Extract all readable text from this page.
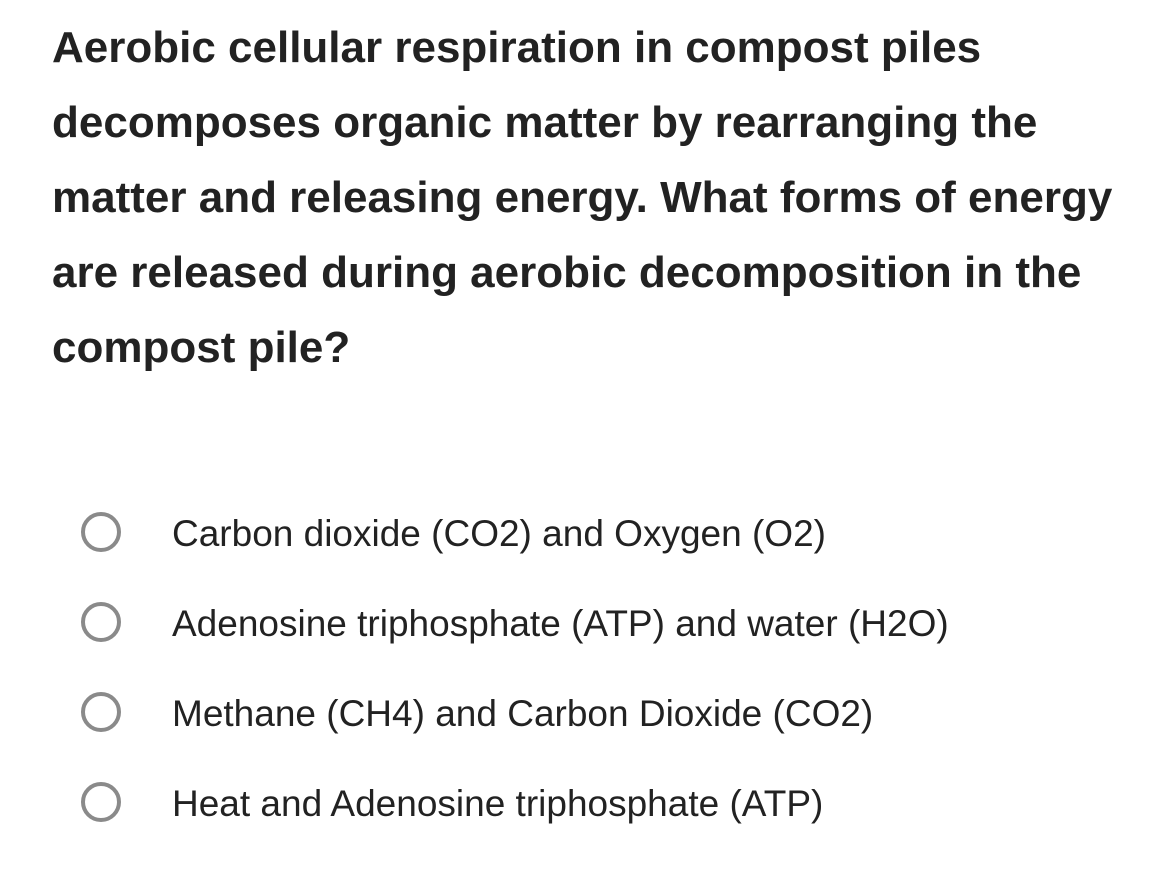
Aerobic cellular respiration in compost piles decomposes organic matter by rearranging the matter and releasing energy. What forms of energy are released during aerobic decomposition in the compost pile?

Carbon dioxide (CO2) and Oxygen (O2)
Adenosine triphosphate (ATP) and water (H2O)
Methane (CH4) and Carbon Dioxide (CO2)
Heat and Adenosine triphosphate (ATP)
